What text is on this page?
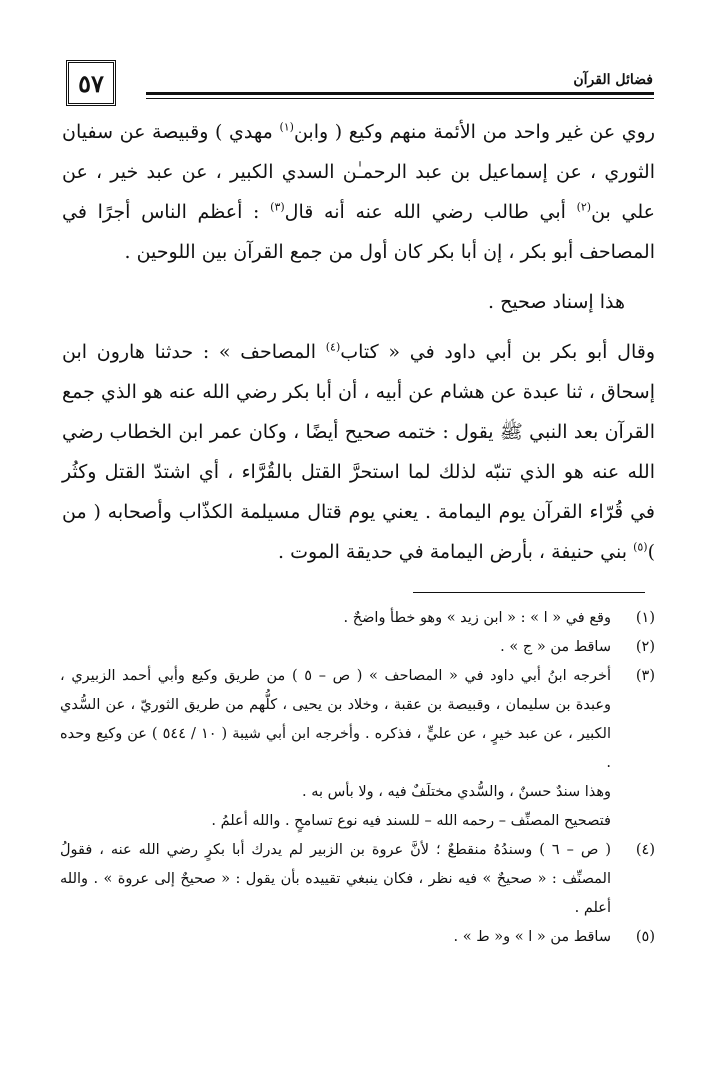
٥٧	فضائل القرآن

روي عن غير واحد من الأئمة منهم وكيع ( وابن$^{(١)}$ مهدي ) وقبيصة عن سفيان الثوري ، عن إسماعيل بن عبد الرحمـٰن السدي الكبير ، عن عبد خير ، عن علي بن$^{(٢)}$ أبي طالب رضي الله عنه أنه قال$^{(٣)}$ : أعظم الناس أجرًا في المصاحف أبو بكر ، إن أبا بكر كان أول من جمع القرآن بين اللوحين .

هذا إسناد صحيح .

وقال أبو بكر بن أبي داود في « كتاب$^{(٤)}$ المصاحف » : حدثنا هارون ابن إسحاق ، ثنا عبدة عن هشام عن أبيه ، أن أبا بكر رضي الله عنه هو الذي جمع القرآن بعد النبي ﷺ يقول : ختمه صحيح أيضًا ، وكان عمر ابن الخطاب رضي الله عنه هو الذي تنبّه لذلك لما استحرَّ القتل بالقُرَّاء ، أي اشتدّ القتل وكثُر في قُرّاء القرآن يوم اليمامة . يعني يوم قتال مسيلمة الكذّاب وأصحابه ( من )$^{(٥)}$ بني حنيفة ، بأرض اليمامة في حديقة الموت .

(١)

وقع في « ا » : « ابن زيد » وهو خطأ واضحٌ .

(٢)

ساقط من « ج » .

(٣)

أخرجه ابنُ أبي داود في « المصاحف » ( ص – ٥ ) من طريق وكيع وأبي أحمد الزبيري ، وعبدة بن سليمان ، وقبيصة بن عقبة ، وخلاد بن يحيى ، كلُّهم من طريق الثوريّ ، عن السُّدي الكبير ، عن عبد خيرٍ ، عن عليٍّ ، فذكره . وأخرجه ابن أبي شيبة ( ١٠ / ٥٤٤ ) عن وكيع وحده .

وهذا سندٌ حسنٌ ، والسُّدي مختلَفٌ فيه ، ولا بأس به .

فتصحيح المصنِّف – رحمه الله – للسند فيه نوع تسامحٍ . والله أعلمُ .

(٤)

( ص – ٦ ) وسندُهُ منقطعٌ ؛ لأنَّ عروة بن الزبير لم يدرك أبا بكرٍ رضي الله عنه ، فقولُ المصنِّف : « صحيحٌ » فيه نظر ، فكان ينبغي تقييده بأن يقول : « صحيحٌ إلى عروة » . والله أعلم .

(٥)

ساقط من « ا » و« ط » .
